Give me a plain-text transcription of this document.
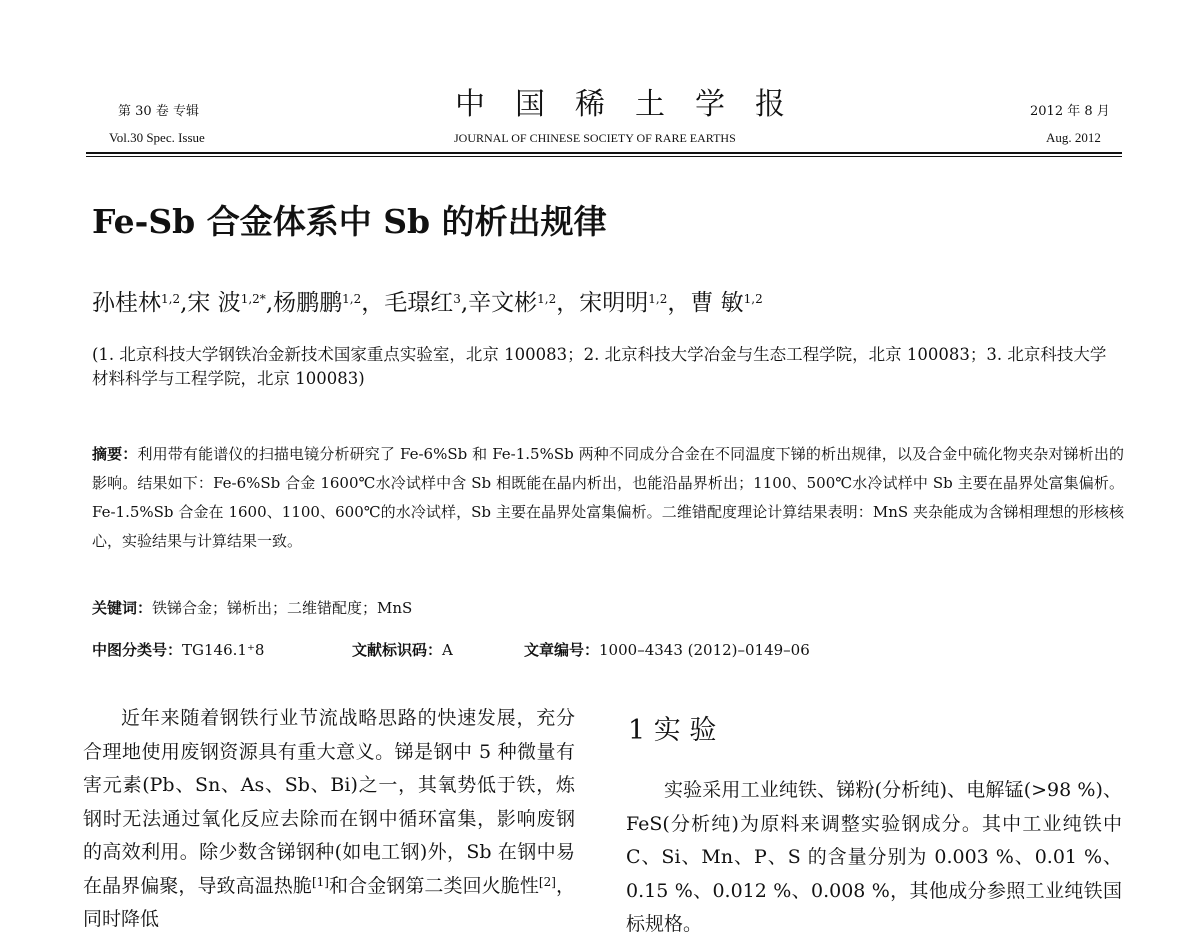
第 30 卷 专辑
Vol.30 Spec. Issue
中国稀土学报
JOURNAL OF CHINESE SOCIETY OF RARE EARTHS
2012 年 8 月
Aug. 2012
Fe-Sb 合金体系中 Sb 的析出规律
孙桂林$^{1,2}$,宋 波$^{1,2*}$,杨鹏鹏$^{1,2}$，毛璟红$^3$,辛文彬$^{1,2}$，宋明明$^{1,2}$，曹 敏$^{1,2}$
(1. 北京科技大学钢铁冶金新技术国家重点实验室，北京 100083；2. 北京科技大学冶金与生态工程学院，北京 100083；3. 北京科技大学材料科学与工程学院，北京 100083)
摘要：利用带有能谱仪的扫描电镜分析研究了 Fe-6%Sb 和 Fe-1.5%Sb 两种不同成分合金在不同温度下锑的析出规律，以及合金中硫化物夹杂对锑析出的影响。结果如下：Fe-6%Sb 合金 1600℃水冷试样中含 Sb 相既能在晶内析出，也能沿晶界析出；1100、500℃水冷试样中 Sb 主要在晶界处富集偏析。Fe-1.5%Sb 合金在 1600、1100、600℃的水冷试样，Sb 主要在晶界处富集偏析。二维错配度理论计算结果表明：MnS 夹杂能成为含锑相理想的形核核心，实验结果与计算结果一致。
关键词：铁锑合金；锑析出；二维错配度；MnS
中图分类号：TG146.1⁺8	文献标识码：A	文章编号：1000–4343 (2012)–0149–06

近年来随着钢铁行业节流战略思路的快速发展，充分合理地使用废钢资源具有重大意义。锑是钢中 5 种微量有害元素(Pb、Sn、As、Sb、Bi)之一，其氧势低于铁，炼钢时无法通过氧化反应去除而在钢中循环富集，影响废钢的高效利用。除少数含锑钢种(如电工钢)外，Sb 在钢中易在晶界偏聚，导致高温热脆[1]和合金钢第二类回火脆性[2]，同时降低

1 实 验

实验采用工业纯铁、锑粉(分析纯)、电解锰(>98 %)、FeS(分析纯)为原料来调整实验钢成分。其中工业纯铁中 C、Si、Mn、P、S 的含量分别为 0.003 %、0.01 %、0.15 %、0.012 %、0.008 %，其他成分参照工业纯铁国标规格。
